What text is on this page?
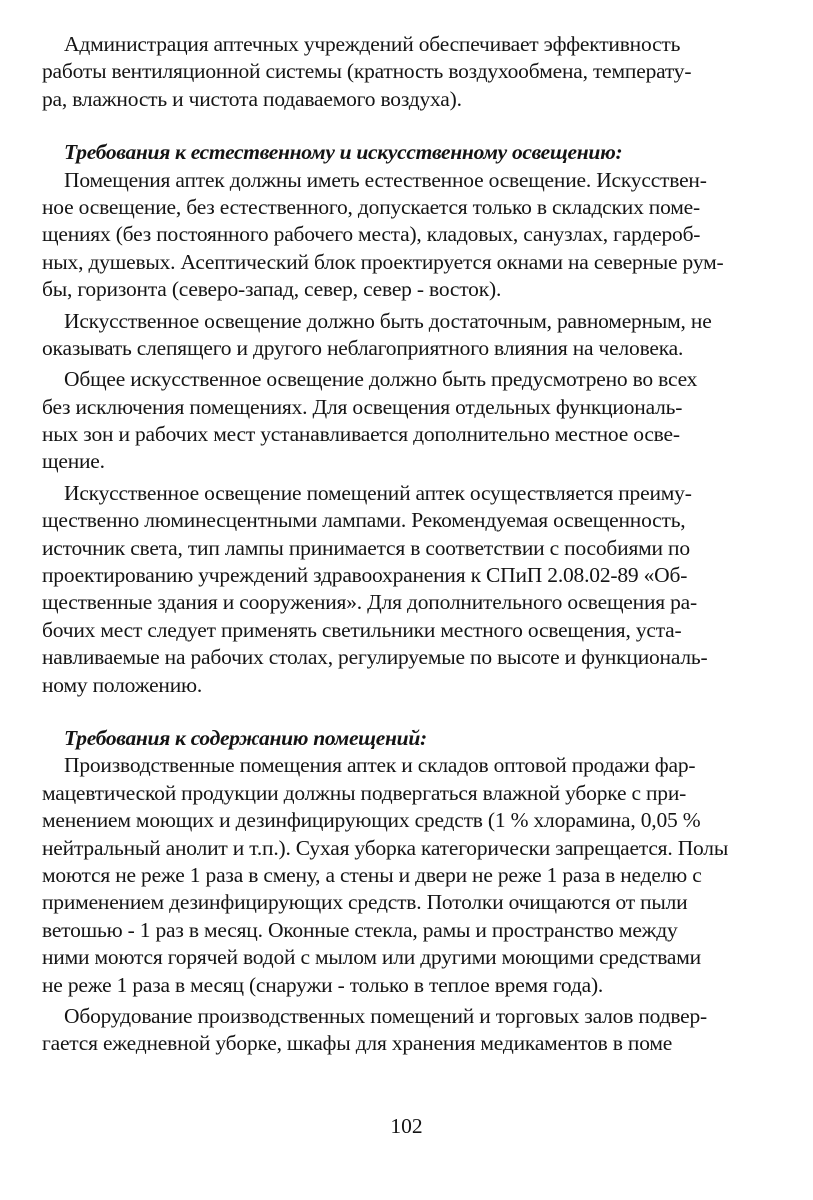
Администрация аптечных учреждений обеспечивает эффективность
работы вентиляционной системы (кратность воздухообмена, температу-
ра, влажность и чистота подаваемого воздуха).
Требования к естественному и искусственному освещению:
Помещения аптек должны иметь естественное освещение. Искусствен-
ное освещение, без естественного, допускается только в складских поме-
щениях (без постоянного рабочего места), кладовых, санузлах, гардероб-
ных, душевых. Асептический блок проектируется окнами на северные рум-
бы, горизонта (северо-запад, север, север - восток).
Искусственное освещение должно быть достаточным, равномерным, не
оказывать слепящего и другого неблагоприятного влияния на человека.
Общее искусственное освещение должно быть предусмотрено во всех
без исключения помещениях. Для освещения отдельных функциональ-
ных зон и рабочих мест устанавливается дополнительно местное осве-
щение.
Искусственное освещение помещений аптек осуществляется преиму-
щественно люминесцентными лампами. Рекомендуемая освещенность,
источник света, тип лампы принимается в соответствии с пособиями по
проектированию учреждений здравоохранения к СПиП 2.08.02-89 «Об-
щественные здания и сооружения». Для дополнительного освещения ра-
бочих мест следует применять светильники местного освещения, уста-
навливаемые на рабочих столах, регулируемые по высоте и функциональ-
ному положению.
Требования к содержанию помещений:
Производственные помещения аптек и складов оптовой продажи фар-
мацевтической продукции должны подвергаться влажной уборке с при-
менением моющих и дезинфицирующих средств (1 % хлорамина, 0,05 %
нейтральный анолит и т.п.). Сухая уборка категорически запрещается. Полы
моются не реже 1 раза в смену, а стены и двери не реже 1 раза в неделю с
применением дезинфицирующих средств. Потолки очищаются от пыли
ветошью - 1 раз в месяц. Оконные стекла, рамы и пространство между
ними моются горячей водой с мылом или другими моющими средствами
не реже 1 раза в месяц (снаружи - только в теплое время года).
Оборудование производственных помещений и торговых залов подвер-
гается ежедневной уборке, шкафы для хранения медикаментов в поме
102
